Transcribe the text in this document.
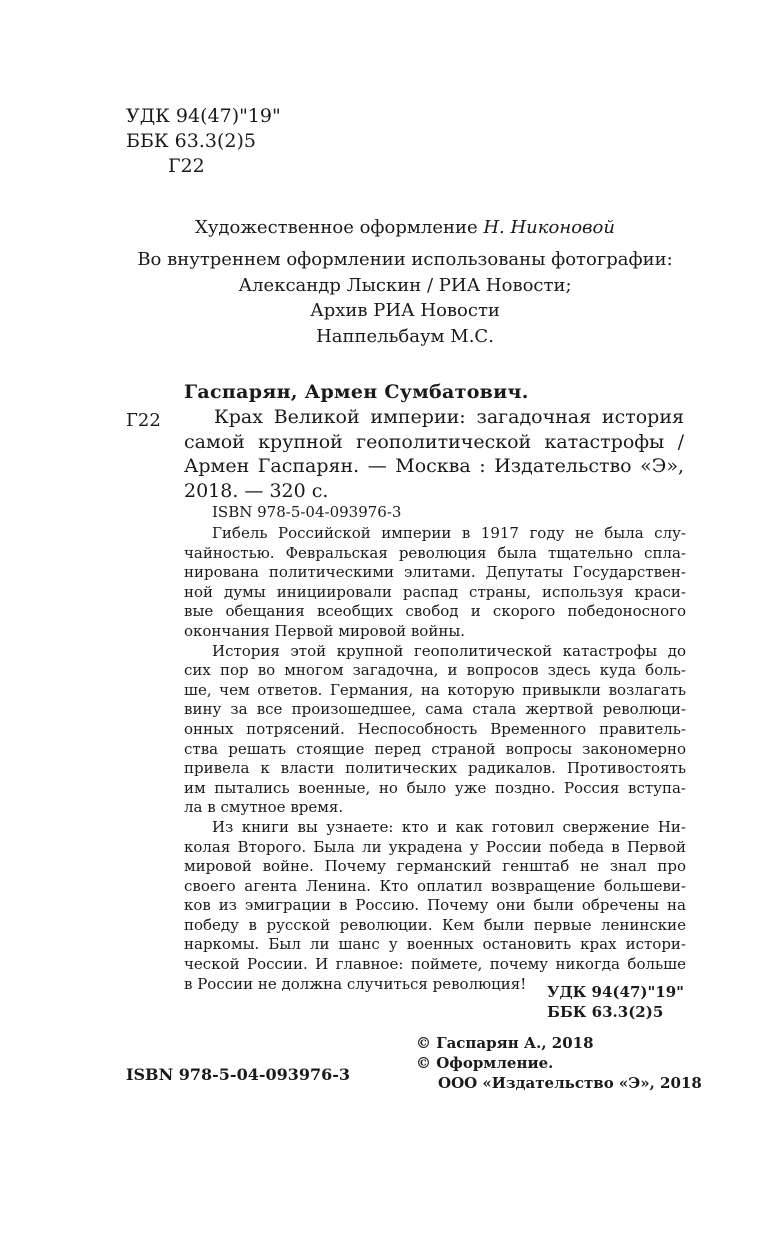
УДК 94(47)"19"
ББК 63.3(2)5
Г22
Художественное оформление Н. Никоновой
Во внутреннем оформлении использованы фотографии:
Александр Лыскин / РИА Новости;
Архив РИА Новости
Наппельбаум М.С.
Гаспарян, Армен Сумбатович.
Г22	Крах Великой империи: загадочная история
самой крупной геополитической катастрофы /
Армен Гаспарян. — Москва : Издательство «Э»,
2018. — 320 с.
ISBN 978-5-04-093976-3
Гибель Российской империи в 1917 году не была слу-
чайностью. Февральская революция была тщательно спла-
нирована политическими элитами. Депутаты Государствен-
ной думы инициировали распад страны, используя краси-
вые обещания всеобщих свобод и скорого победоносного
окончания Первой мировой войны.
История этой крупной геополитической катастрофы до
сих пор во многом загадочна, и вопросов здесь куда боль-
ше, чем ответов. Германия, на которую привыкли возлагать
вину за все произошедшее, сама стала жертвой революци-
онных потрясений. Неспособность Временного правитель-
ства решать стоящие перед страной вопросы закономерно
привела к власти политических радикалов. Противостоять
им пытались военные, но было уже поздно. Россия вступа-
ла в смутное время.
Из книги вы узнаете: кто и как готовил свержение Ни-
колая Второго. Была ли украдена у России победа в Первой
мировой войне. Почему германский генштаб не знал про
своего агента Ленина. Кто оплатил возвращение большеви-
ков из эмиграции в Россию. Почему они были обречены на
победу в русской революции. Кем были первые ленинские
наркомы. Был ли шанс у военных остановить крах истори-
ческой России. И главное: поймете, почему никогда больше
в России не должна случиться революция!	УДК 94(47)"19"
ББК 63.3(2)5
© Гаспарян А., 2018
© Оформление.
ООО «Издательство «Э», 2018
ISBN 978-5-04-093976-3
